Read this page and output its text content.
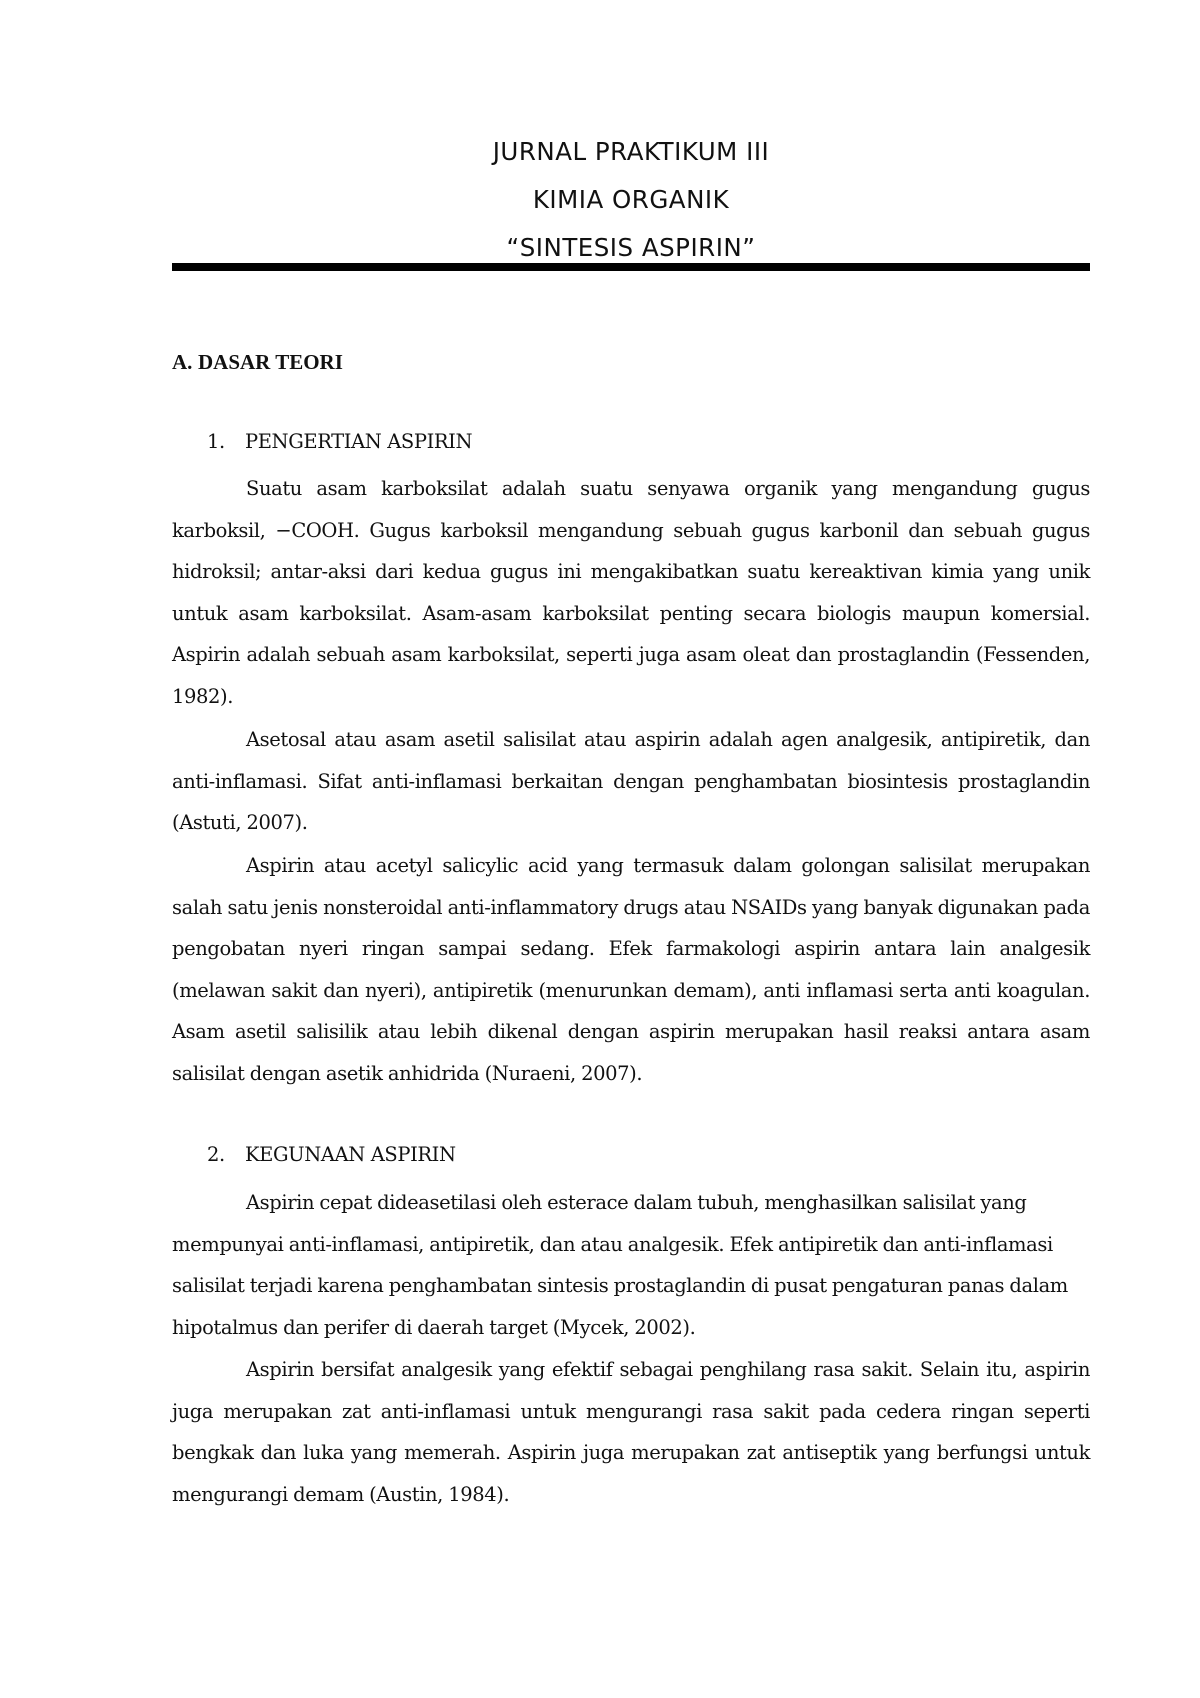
JURNAL PRAKTIKUM III
KIMIA ORGANIK
“SINTESIS ASPIRIN”
A. DASAR TEORI
1. PENGERTIAN ASPIRIN

Suatu asam karboksilat adalah suatu senyawa organik yang mengandung gugus karboksil, −COOH. Gugus karboksil mengandung sebuah gugus karbonil dan sebuah gugus hidroksil; antar-aksi dari kedua gugus ini mengakibatkan suatu kereaktivan kimia yang unik untuk asam karboksilat. Asam-asam karboksilat penting secara biologis maupun komersial. Aspirin adalah sebuah asam karboksilat, seperti juga asam oleat dan prostaglandin (Fessenden, 1982).

Asetosal atau asam asetil salisilat atau aspirin adalah agen analgesik, antipiretik, dan anti-inflamasi. Sifat anti-inflamasi berkaitan dengan penghambatan biosintesis prostaglandin (Astuti, 2007).

Aspirin atau acetyl salicylic acid yang termasuk dalam golongan salisilat merupakan salah satu jenis nonsteroidal anti-inflammatory drugs atau NSAIDs yang banyak digunakan pada pengobatan nyeri ringan sampai sedang. Efek farmakologi aspirin antara lain analgesik (melawan sakit dan nyeri), antipiretik (menurunkan demam), anti inflamasi serta anti koagulan. Asam asetil salisilik atau lebih dikenal dengan aspirin merupakan hasil reaksi antara asam salisilat dengan asetik anhidrida (Nuraeni, 2007).

2. KEGUNAAN ASPIRIN

Aspirin cepat dideasetilasi oleh esterace dalam tubuh, menghasilkan salisilat yang mempunyai anti-inflamasi, antipiretik, dan atau analgesik. Efek antipiretik dan anti-inflamasi salisilat terjadi karena penghambatan sintesis prostaglandin di pusat pengaturan panas dalam hipotalmus dan perifer di daerah target (Mycek, 2002).

Aspirin bersifat analgesik yang efektif sebagai penghilang rasa sakit. Selain itu, aspirin juga merupakan zat anti-inflamasi untuk mengurangi rasa sakit pada cedera ringan seperti bengkak dan luka yang memerah. Aspirin juga merupakan zat antiseptik yang berfungsi untuk mengurangi demam (Austin, 1984).
